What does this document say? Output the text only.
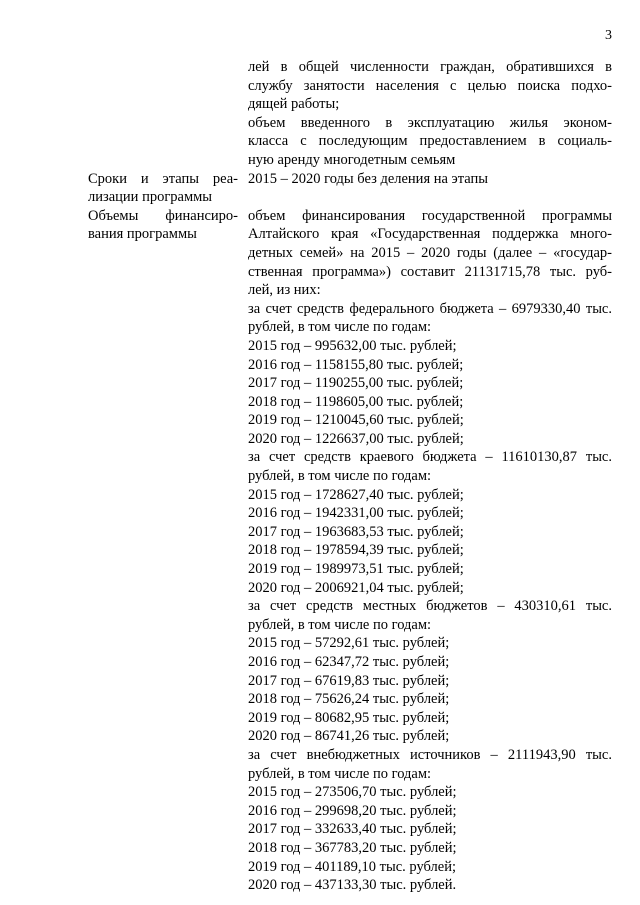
3
лей в общей численности граждан, обратившихся в
службу занятости населения с целью поиска подхо-
дящей работы;
объем введенного в эксплуатацию жилья эконом-
класса с последующим предоставлением в социаль-
ную аренду многодетным семьям
Сроки и этапы реа-
лизации программы
2015 – 2020 годы без деления на этапы
Объемы финансиро-
вания программы
объем финансирования государственной программы
Алтайского края «Государственная поддержка много-
детных семей» на 2015 – 2020 годы (далее – «государ-
ственная программа») составит 21131715,78 тыс. руб-
лей, из них:
за счет средств федерального бюджета – 6979330,40 тыс.
рублей, в том числе по годам:
2015 год – 995632,00 тыс. рублей;
2016 год – 1158155,80 тыс. рублей;
2017 год – 1190255,00 тыс. рублей;
2018 год – 1198605,00 тыс. рублей;
2019 год – 1210045,60 тыс. рублей;
2020 год – 1226637,00 тыс. рублей;
за счет средств краевого бюджета – 11610130,87 тыс.
рублей, в том числе по годам:
2015 год – 1728627,40 тыс. рублей;
2016 год – 1942331,00 тыс. рублей;
2017 год – 1963683,53 тыс. рублей;
2018 год – 1978594,39 тыс. рублей;
2019 год – 1989973,51 тыс. рублей;
2020 год – 2006921,04 тыс. рублей;
за счет средств местных бюджетов – 430310,61 тыс.
рублей, в том числе по годам:
2015 год – 57292,61 тыс. рублей;
2016 год – 62347,72 тыс. рублей;
2017 год – 67619,83 тыс. рублей;
2018 год – 75626,24 тыс. рублей;
2019 год – 80682,95 тыс. рублей;
2020 год – 86741,26 тыс. рублей;
за счет внебюджетных источников – 2111943,90 тыс.
рублей, в том числе по годам:
2015 год – 273506,70 тыс. рублей;
2016 год – 299698,20 тыс. рублей;
2017 год – 332633,40 тыс. рублей;
2018 год – 367783,20 тыс. рублей;
2019 год – 401189,10 тыс. рублей;
2020 год – 437133,30 тыс. рублей.
